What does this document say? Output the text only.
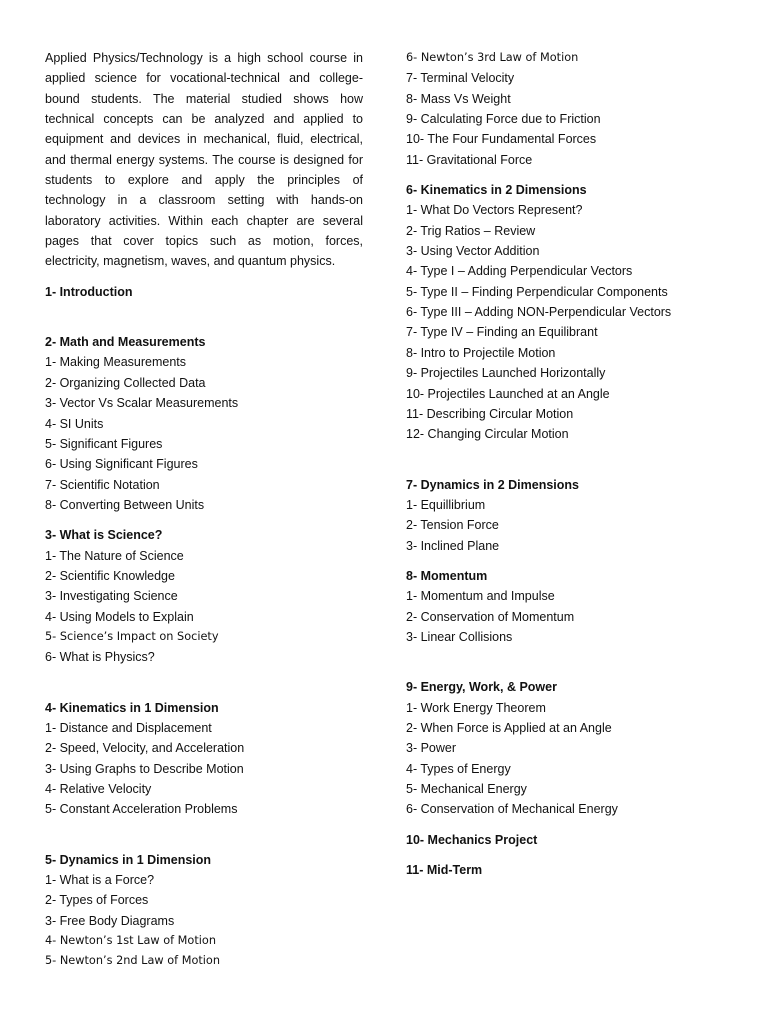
Applied Physics/Technology is a high school course in applied science for vocational-technical and college-bound students. The material studied shows how technical concepts can be analyzed and applied to equipment and devices in mechanical, fluid, electrical, and thermal energy systems. The course is designed for students to explore and apply the principles of technology in a classroom setting with hands-on laboratory activities. Within each chapter are several pages that cover topics such as motion, forces, electricity, magnetism, waves, and quantum physics.

1- Introduction
2- Math and Measurements
1- Making Measurements
2- Organizing Collected Data
3- Vector Vs Scalar Measurements
4- SI Units
5- Significant Figures
6- Using Significant Figures
7- Scientific Notation
8- Converting Between Units
3- What is Science?
1- The Nature of Science
2- Scientific Knowledge
3- Investigating Science
4- Using Models to Explain
5- Science’s Impact on Society
6- What is Physics?
4- Kinematics in 1 Dimension
1- Distance and Displacement
2- Speed, Velocity, and Acceleration
3- Using Graphs to Describe Motion
4- Relative Velocity
5- Constant Acceleration Problems
5- Dynamics in 1 Dimension
1- What is a Force?
2- Types of Forces
3- Free Body Diagrams
4- Newton’s 1st Law of Motion
5- Newton’s 2nd Law of Motion
6- Newton’s 3rd Law of Motion
7- Terminal Velocity
8- Mass Vs Weight
9- Calculating Force due to Friction
10- The Four Fundamental Forces
11- Gravitational Force
6- Kinematics in 2 Dimensions
1- What Do Vectors Represent?
2- Trig Ratios – Review
3- Using Vector Addition
4- Type I – Adding Perpendicular Vectors
5- Type II – Finding Perpendicular Components
6- Type III – Adding NON-Perpendicular Vectors
7- Type IV – Finding an Equilibrant
8- Intro to Projectile Motion
9- Projectiles Launched Horizontally
10- Projectiles Launched at an Angle
11- Describing Circular Motion
12- Changing Circular Motion
7- Dynamics in 2 Dimensions
1- Equillibrium
2- Tension Force
3- Inclined Plane
8- Momentum
1- Momentum and Impulse
2- Conservation of Momentum
3- Linear Collisions
9- Energy, Work, & Power
1- Work Energy Theorem
2- When Force is Applied at an Angle
3- Power
4- Types of Energy
5- Mechanical Energy
6- Conservation of Mechanical Energy
10- Mechanics Project
11- Mid-Term
